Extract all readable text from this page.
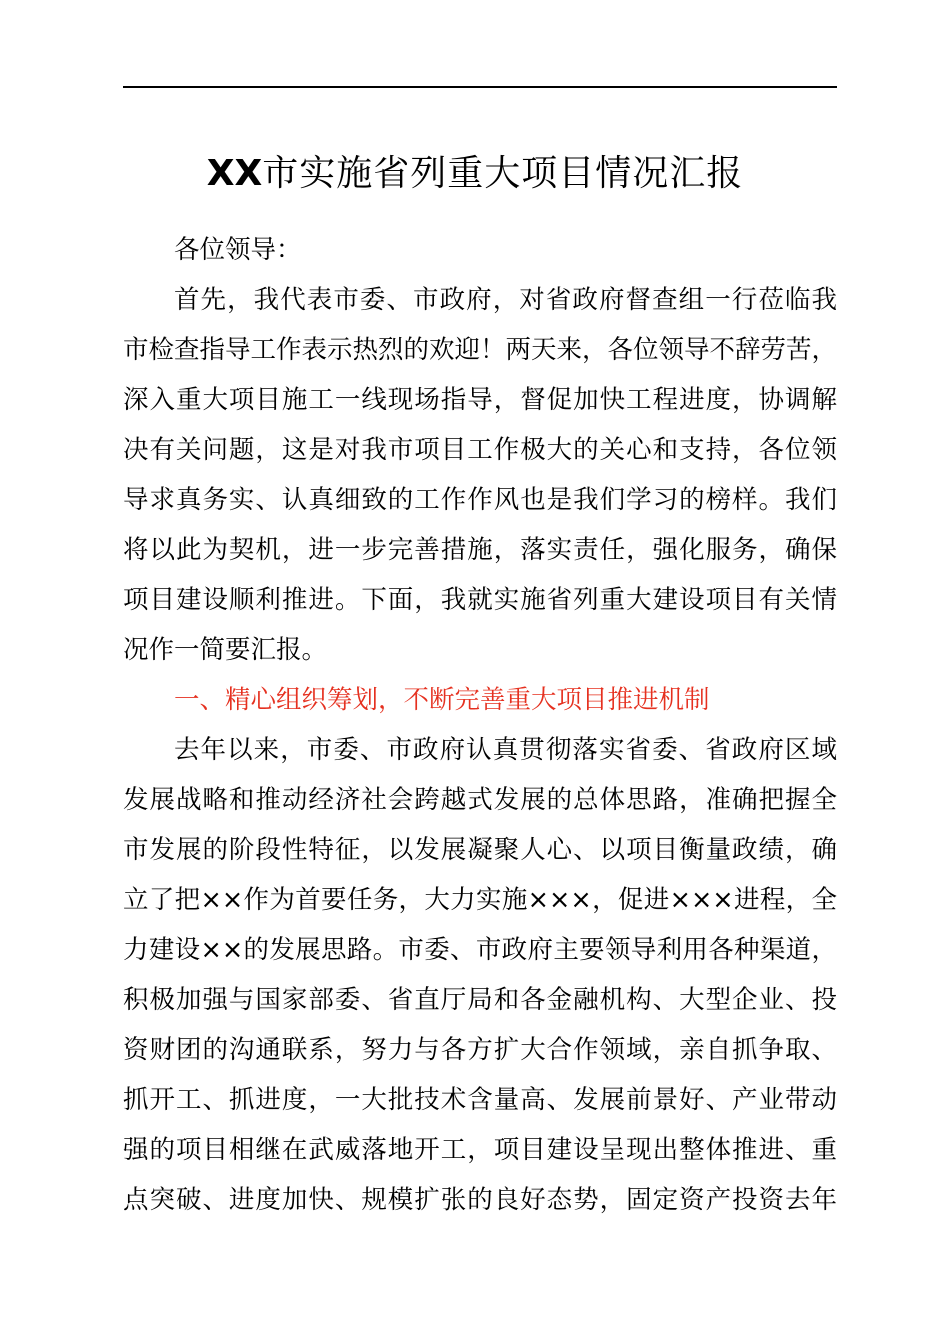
XX市实施省列重大项目情况汇报
各位领导：
首先，我代表市委、市政府，对省政府督查组一行莅临我
市检查指导工作表示热烈的欢迎！两天来，各位领导不辞劳苦，
深入重大项目施工一线现场指导，督促加快工程进度，协调解
决有关问题，这是对我市项目工作极大的关心和支持，各位领
导求真务实、认真细致的工作作风也是我们学习的榜样。我们
将以此为契机，进一步完善措施，落实责任，强化服务，确保
项目建设顺利推进。下面，我就实施省列重大建设项目有关情
况作一简要汇报。
一、精心组织筹划，不断完善重大项目推进机制
去年以来，市委、市政府认真贯彻落实省委、省政府区域
发展战略和推动经济社会跨越式发展的总体思路，准确把握全
市发展的阶段性特征，以发展凝聚人心、以项目衡量政绩，确
立了把××作为首要任务，大力实施×××，促进×××进程，全
力建设××的发展思路。市委、市政府主要领导利用各种渠道，
积极加强与国家部委、省直厅局和各金融机构、大型企业、投
资财团的沟通联系，努力与各方扩大合作领域，亲自抓争取、
抓开工、抓进度，一大批技术含量高、发展前景好、产业带动
强的项目相继在武威落地开工，项目建设呈现出整体推进、重
点突破、进度加快、规模扩张的良好态势，固定资产投资去年
